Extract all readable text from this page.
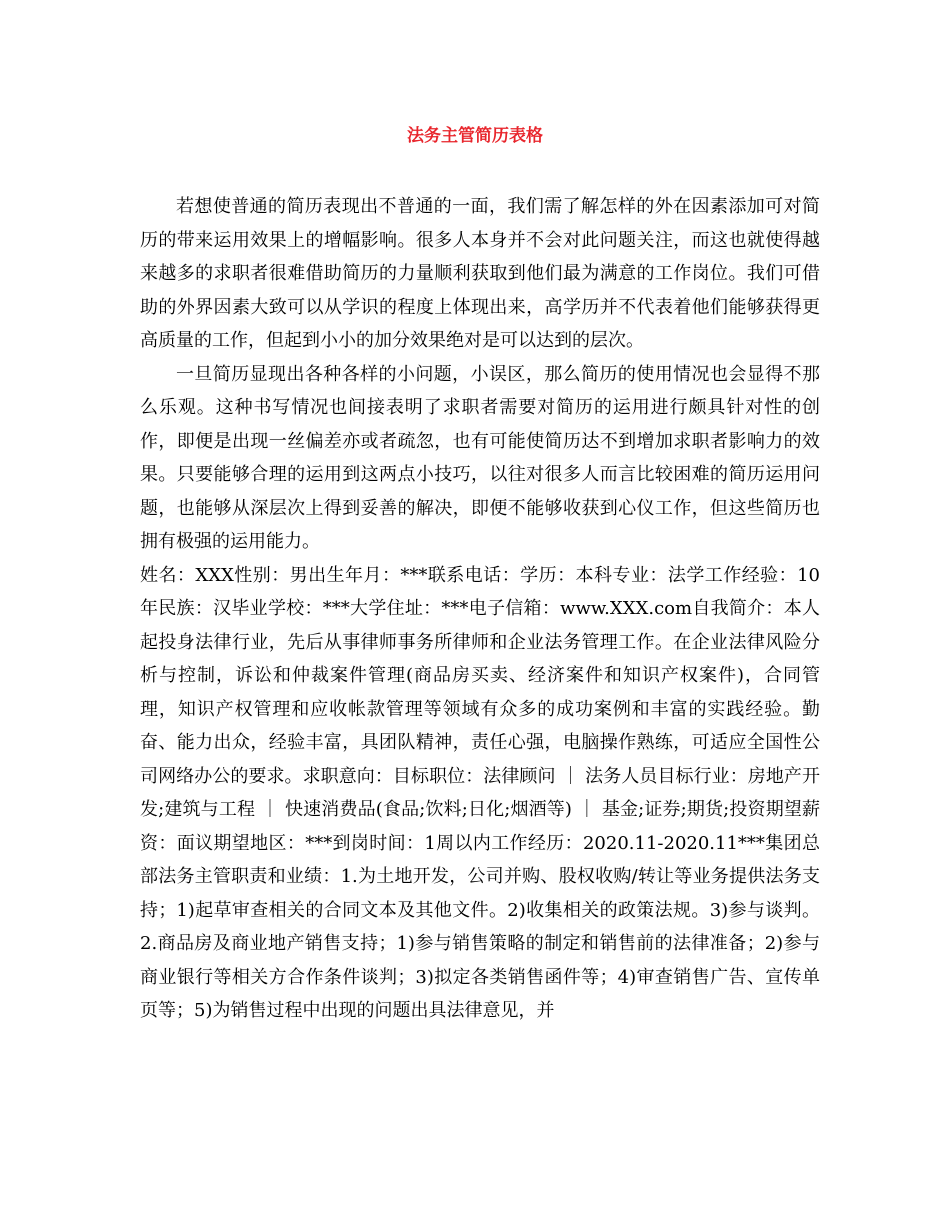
法务主管简历表格

若想使普通的简历表现出不普通的一面，我们需了解怎样的外在因素添加可对简历的带来运用效果上的增幅影响。很多人本身并不会对此问题关注，而这也就使得越来越多的求职者很难借助简历的力量顺利获取到他们最为满意的工作岗位。我们可借助的外界因素大致可以从学识的程度上体现出来，高学历并不代表着他们能够获得更高质量的工作，但起到小小的加分效果绝对是可以达到的层次。

一旦简历显现出各种各样的小问题，小误区，那么简历的使用情况也会显得不那么乐观。这种书写情况也间接表明了求职者需要对简历的运用进行颇具针对性的创作，即便是出现一丝偏差亦或者疏忽，也有可能使简历达不到增加求职者影响力的效果。只要能够合理的运用到这两点小技巧，以往对很多人而言比较困难的简历运用问题，也能够从深层次上得到妥善的解决，即便不能够收获到心仪工作，但这些简历也拥有极强的运用能力。

姓名：XXX性别：男出生年月：***联系电话：学历：本科专业：法学工作经验：10年民族：汉毕业学校：***大学住址：***电子信箱：www.XXX.com自我简介：本人起投身法律行业，先后从事律师事务所律师和企业法务管理工作。在企业法律风险分析与控制，诉讼和仲裁案件管理(商品房买卖、经济案件和知识产权案件)，合同管理，知识产权管理和应收帐款管理等领域有众多的成功案例和丰富的实践经验。勤奋、能力出众，经验丰富，具团队精神，责任心强，电脑操作熟练，可适应全国性公司网络办公的要求。求职意向：目标职位：法律顾问 ｜ 法务人员目标行业：房地产开发;建筑与工程 ｜ 快速消费品(食品;饮料;日化;烟酒等) ｜ 基金;证券;期货;投资期望薪资：面议期望地区：***到岗时间：1周以内工作经历：2020.11-2020.11***集团总部法务主管职责和业绩：1.为土地开发，公司并购、股权收购/转让等业务提供法务支持；1)起草审查相关的合同文本及其他文件。2)收集相关的政策法规。3)参与谈判。2.商品房及商业地产销售支持；1)参与销售策略的制定和销售前的法律准备；2)参与商业银行等相关方合作条件谈判；3)拟定各类销售函件等；4)审查销售广告、宣传单页等；5)为销售过程中出现的问题出具法律意见，并
